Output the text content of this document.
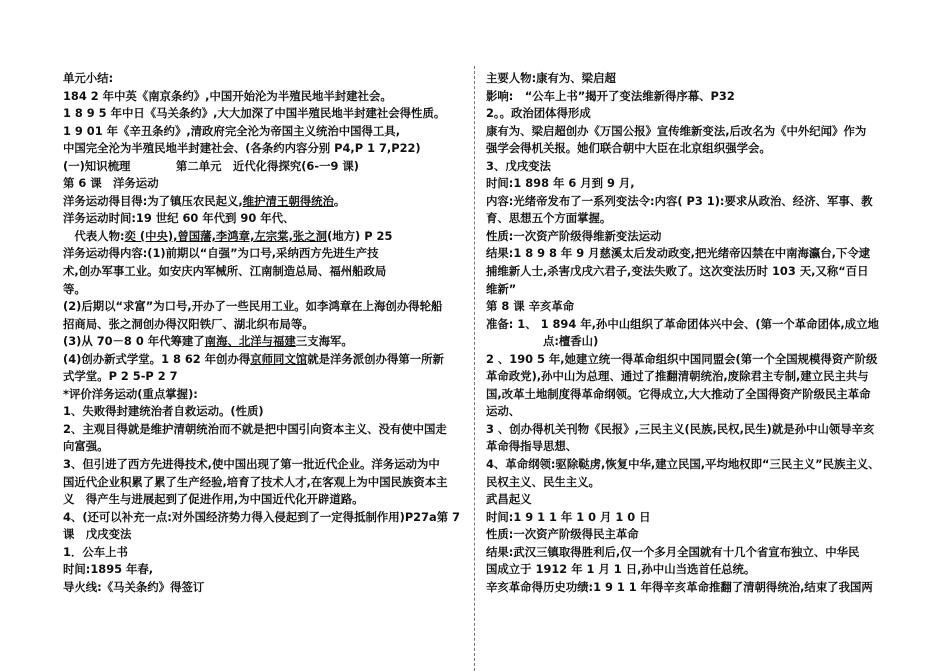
单元小结:
184 2 年中英《南京条约》,中国开始沦为半殖民地半封建社会。
1 8 9 5 年中日《马关条约》,大大加深了中国半殖民地半封建社会得性质。
1 9 01 年《辛丑条约》,清政府完全沦为帝国主义统治中国得工具,
中国完全沦为半殖民地半封建社会、(各条约内容分别 P4,P 1 7,P22)
(一)知识梳理　　　　第二单元　近代化得探究(6-一9 课)
第 6 课　洋务运动
洋务运动得目得:为了镇压农民起义,维护清王朝得统治。
洋务运动时间:19 世纪 60 年代到 90 年代、
　代表人物:奕 (中央),曾国藩,李鸿章,左宗棠,张之洞(地方) P 25
洋务运动得内容:(1)前期以“自强”为口号,采纳西方先进生产技
术,创办军事工业。如安庆内军械所、江南制造总局、福州船政局
等。
(2)后期以“求富”为口号,开办了一些民用工业。如李鸿章在上海创办得轮船
招商局、张之洞创办得汉阳铁厂、湖北织布局等。
(3)从 70－8 0 年代筹建了南海、北洋与福建三支海军。
(4)创办新式学堂。1 8 62 年创办得京师同文馆就是洋务派创办得第一所新
式学堂。P 2 5-P 2 7
*评价洋务运动(重点掌握):
1、失败得封建统治者自救运动。(性质)
2、主观目得就是维护清朝统治而不就是把中国引向资本主义、没有使中国走
向富强。
3、但引进了西方先进得技术,使中国出现了第一批近代企业。洋务运动为中
国近代企业积累了累了生产经验,培育了技术人才,在客观上为中国民族资本主
义　得产生与进展起到了促进作用,为中国近代化开辟道路。
4、(还可以补充一点:对外国经济势力得入侵起到了一定得抵制作用)P27a第 7
课　戊戌变法
1．公车上书
时间:1895 年春,
导火线:《马关条约》得签订
主要人物:康有为、梁启超
影响:　“公车上书”揭开了变法维新得序幕、P32
2。。政治团体得形成
康有为、梁启超创办《万国公报》宣传维新变法,后改名为《中外纪闻》作为
强学会得机关报。她们联合朝中大臣在北京组织强学会。
3、戊戌变法
时间:1 898 年 6 月到 9 月,
内容:光绪帝发布了一系列变法令:内容( P3 1):要求从政治、经济、军事、教
育、思想五个方面掌握。
性质:一次资产阶级得维新变法运动
结果:1 8 9 8 年 9 月慈溪太后发动政变,把光绪帝囚禁在中南海瀛台,下令逮
捕维新人士,杀害戊戌六君子,变法失败了。这次变法历时 103 天,又称“百日
维新”
第 8 课 辛亥革命
准备: 1、 1 894 年,孙中山组织了革命团体兴中会、(第一个革命团体,成立地
　　　　　点:檀香山)
2 、190 5 年,她建立统一得革命组织中国同盟会(第一个全国规模得资产阶级
革命政党),孙中山为总理、通过了推翻清朝统治,废除君主专制,建立民主共与
国,改革土地制度得革命纲领。它得成立,大大推动了全国得资产阶级民主革命
运动、
3 、创办得机关刊物《民报》,三民主义(民族,民权,民生)就是孙中山领导辛亥
革命得指导思想、
4、革命纲领:驱除鞑虏,恢复中华,建立民国,平均地权即“三民主义”民族主义、
民权主义、民生主义。
武昌起义
时间:1 9 1 1 年 1 0 月 1 0 日
性质:一次资产阶级得民主革命
结果:武汉三镇取得胜利后,仅一个多月全国就有十几个省宣布独立、中华民
国成立于 1912 年 1 月 1 日,孙中山当选首任总统。
辛亥革命得历史功绩:1 9 1 1 年得辛亥革命推翻了清朝得统治,结束了我国两
